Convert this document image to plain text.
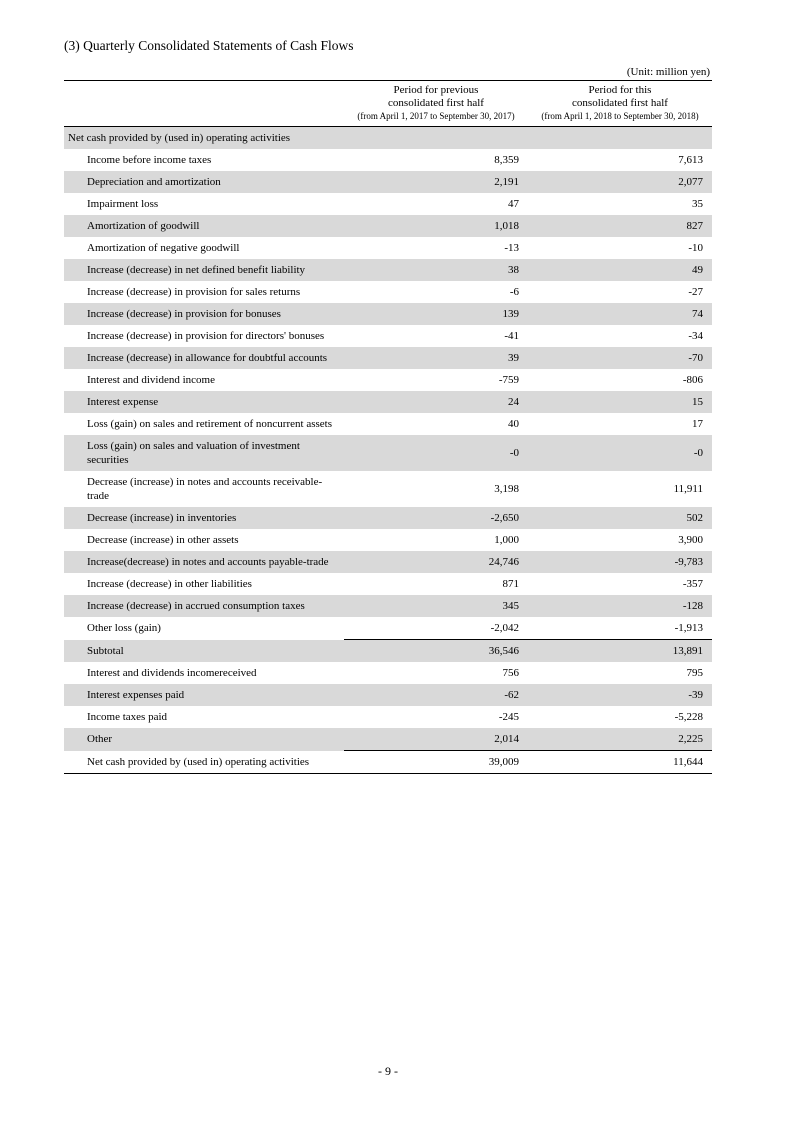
(3) Quarterly Consolidated Statements of Cash Flows
(Unit: million yen)

Period for previous
consolidated first half
(from April 1, 2017 to September 30, 2017)

Period for this
consolidated first half
(from April 1, 2018 to September 30, 2018)

Net cash provided by (used in) operating activities		
Income before income taxes	8,359	7,613
Depreciation and amortization	2,191	2,077
Impairment loss	47	35
Amortization of goodwill	1,018	827
Amortization of negative goodwill	-13	-10
Increase (decrease) in net defined benefit liability	38	49
Increase (decrease) in provision for sales returns	-6	-27
Increase (decrease) in provision for bonuses	139	74
Increase (decrease) in provision for directors' bonuses	-41	-34
Increase (decrease) in allowance for doubtful accounts	39	-70
Interest and dividend income	-759	-806
Interest expense	24	15
Loss (gain) on sales and retirement of noncurrent assets	40	17
Loss (gain) on sales and valuation of investment securities	-0	-0
Decrease (increase) in notes and accounts receivable-trade	3,198	11,911
Decrease (increase) in inventories	-2,650	502
Decrease (increase) in other assets	1,000	3,900
Increase(decrease) in notes and accounts payable-trade	24,746	-9,783
Increase (decrease) in other liabilities	871	-357
Increase (decrease) in accrued consumption taxes	345	-128
Other loss (gain)	-2,042	-1,913
Subtotal	36,546	13,891
Interest and dividends incomereceived	756	795
Interest expenses paid	-62	-39
Income taxes paid	-245	-5,228
Other	2,014	2,225
Net cash provided by (used in) operating activities	39,009	11,644
- 9 -
